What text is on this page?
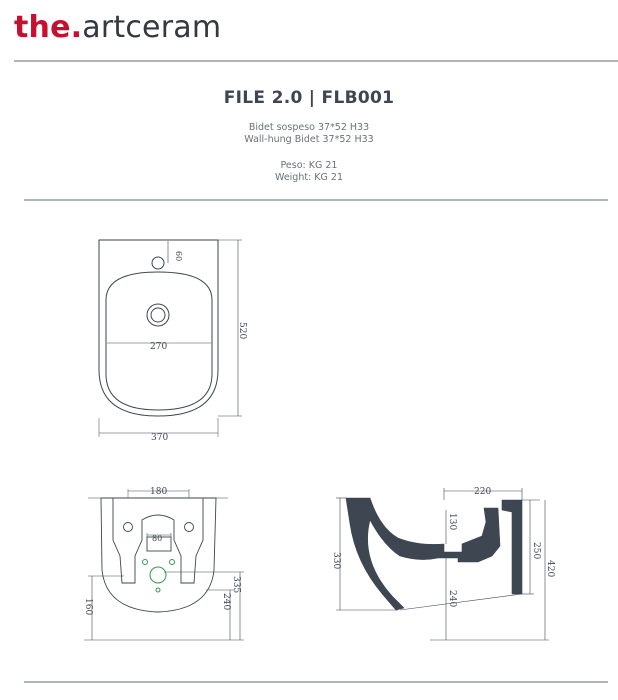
the.artceram
FILE 2.0 | FLB001
Bidet sospeso 37*52 H33
Wall-hung Bidet 37*52 H33
Peso: KG 21
Weight: KG 21
60
270
520
370
180
80
160	240
335
220
130
330
240
250
420
